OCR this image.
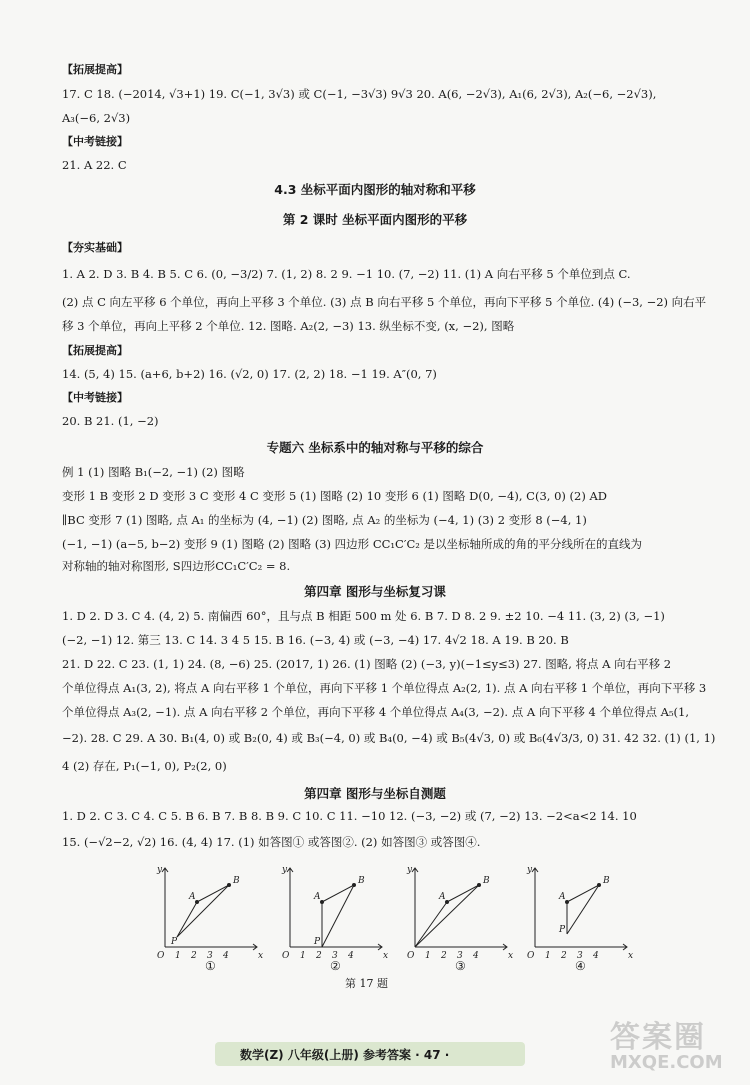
【拓展提高】
17. C 18. (−2014, √3+1) 19. C(−1, 3√3) 或 C(−1, −3√3) 9√3 20. A(6, −2√3), A₁(6, 2√3), A₂(−6, −2√3),
A₃(−6, 2√3)
【中考链接】
21. A 22. C
4.3 坐标平面内图形的轴对称和平移
第 2 课时 坐标平面内图形的平移
【夯实基础】
1. A 2. D 3. B 4. B 5. C 6. (0, −3/2) 7. (1, 2) 8. 2 9. −1 10. (7, −2) 11. (1) A 向右平移 5 个单位到点 C.
(2) 点 C 向左平移 6 个单位，再向上平移 3 个单位. (3) 点 B 向右平移 5 个单位，再向下平移 5 个单位. (4) (−3, −2) 向右平
移 3 个单位，再向上平移 2 个单位. 12. 图略. A₂(2, −3) 13. 纵坐标不变, (x, −2), 图略
【拓展提高】
14. (5, 4) 15. (a+6, b+2) 16. (√2, 0) 17. (2, 2) 18. −1 19. A″(0, 7)
【中考链接】
20. B 21. (1, −2)
专题六 坐标系中的轴对称与平移的综合
例 1 (1) 图略 B₁(−2, −1) (2) 图略
变形 1 B 变形 2 D 变形 3 C 变形 4 C 变形 5 (1) 图略 (2) 10 变形 6 (1) 图略 D(0, −4), C(3, 0) (2) AD
∥BC 变形 7 (1) 图略, 点 A₁ 的坐标为 (4, −1) (2) 图略, 点 A₂ 的坐标为 (−4, 1) (3) 2 变形 8 (−4, 1)
(−1, −1) (a−5, b−2) 变形 9 (1) 图略 (2) 图略 (3) 四边形 CC₁C′C₂ 是以坐标轴所成的角的平分线所在的直线为
对称轴的轴对称图形, S四边形CC₁C′C₂ = 8.
第四章 图形与坐标复习课
1. D 2. D 3. C 4. (4, 2) 5. 南偏西 60°，且与点 B 相距 500 m 处 6. B 7. D 8. 2 9. ±2 10. −4 11. (3, 2) (3, −1)
(−2, −1) 12. 第三 13. C 14. 3 4 5 15. B 16. (−3, 4) 或 (−3, −4) 17. 4√2 18. A 19. B 20. B
21. D 22. C 23. (1, 1) 24. (8, −6) 25. (2017, 1) 26. (1) 图略 (2) (−3, y)(−1≤y≤3) 27. 图略, 将点 A 向右平移 2
个单位得点 A₁(3, 2), 将点 A 向右平移 1 个单位，再向下平移 1 个单位得点 A₂(2, 1). 点 A 向右平移 1 个单位，再向下平移 3
个单位得点 A₃(2, −1). 点 A 向右平移 2 个单位，再向下平移 4 个单位得点 A₄(3, −2). 点 A 向下平移 4 个单位得点 A₅(1,
−2). 28. C 29. A 30. B₁(4, 0) 或 B₂(0, 4) 或 B₃(−4, 0) 或 B₄(0, −4) 或 B₅(4√3, 0) 或 B₆(4√3/3, 0) 31. 42 32. (1) (1, 1)
4 (2) 存在, P₁(−1, 0), P₂(2, 0)
第四章 图形与坐标自测题
1. D 2. C 3. C 4. C 5. B 6. B 7. B 8. B 9. C 10. C 11. −10 12. (−3, −2) 或 (7, −2) 13. −2<a<2 14. 10
15. (−√2−2, √2) 16. (4, 4) 17. (1) 如答图① 或答图②. (2) 如答图③ 或答图④.
A
B
P
O	x
y
1 2 3 4
①
A
B
P
O	x
y
1 2 3 4
②
A
B
O	x
y
1 2 3 4
③
A
B
P
O	x
y
1 2 3 4
④
第 17 题
数学(Z) 八年级(上册) 参考答案 · 47 ·	答案圈
MXQE.COM
